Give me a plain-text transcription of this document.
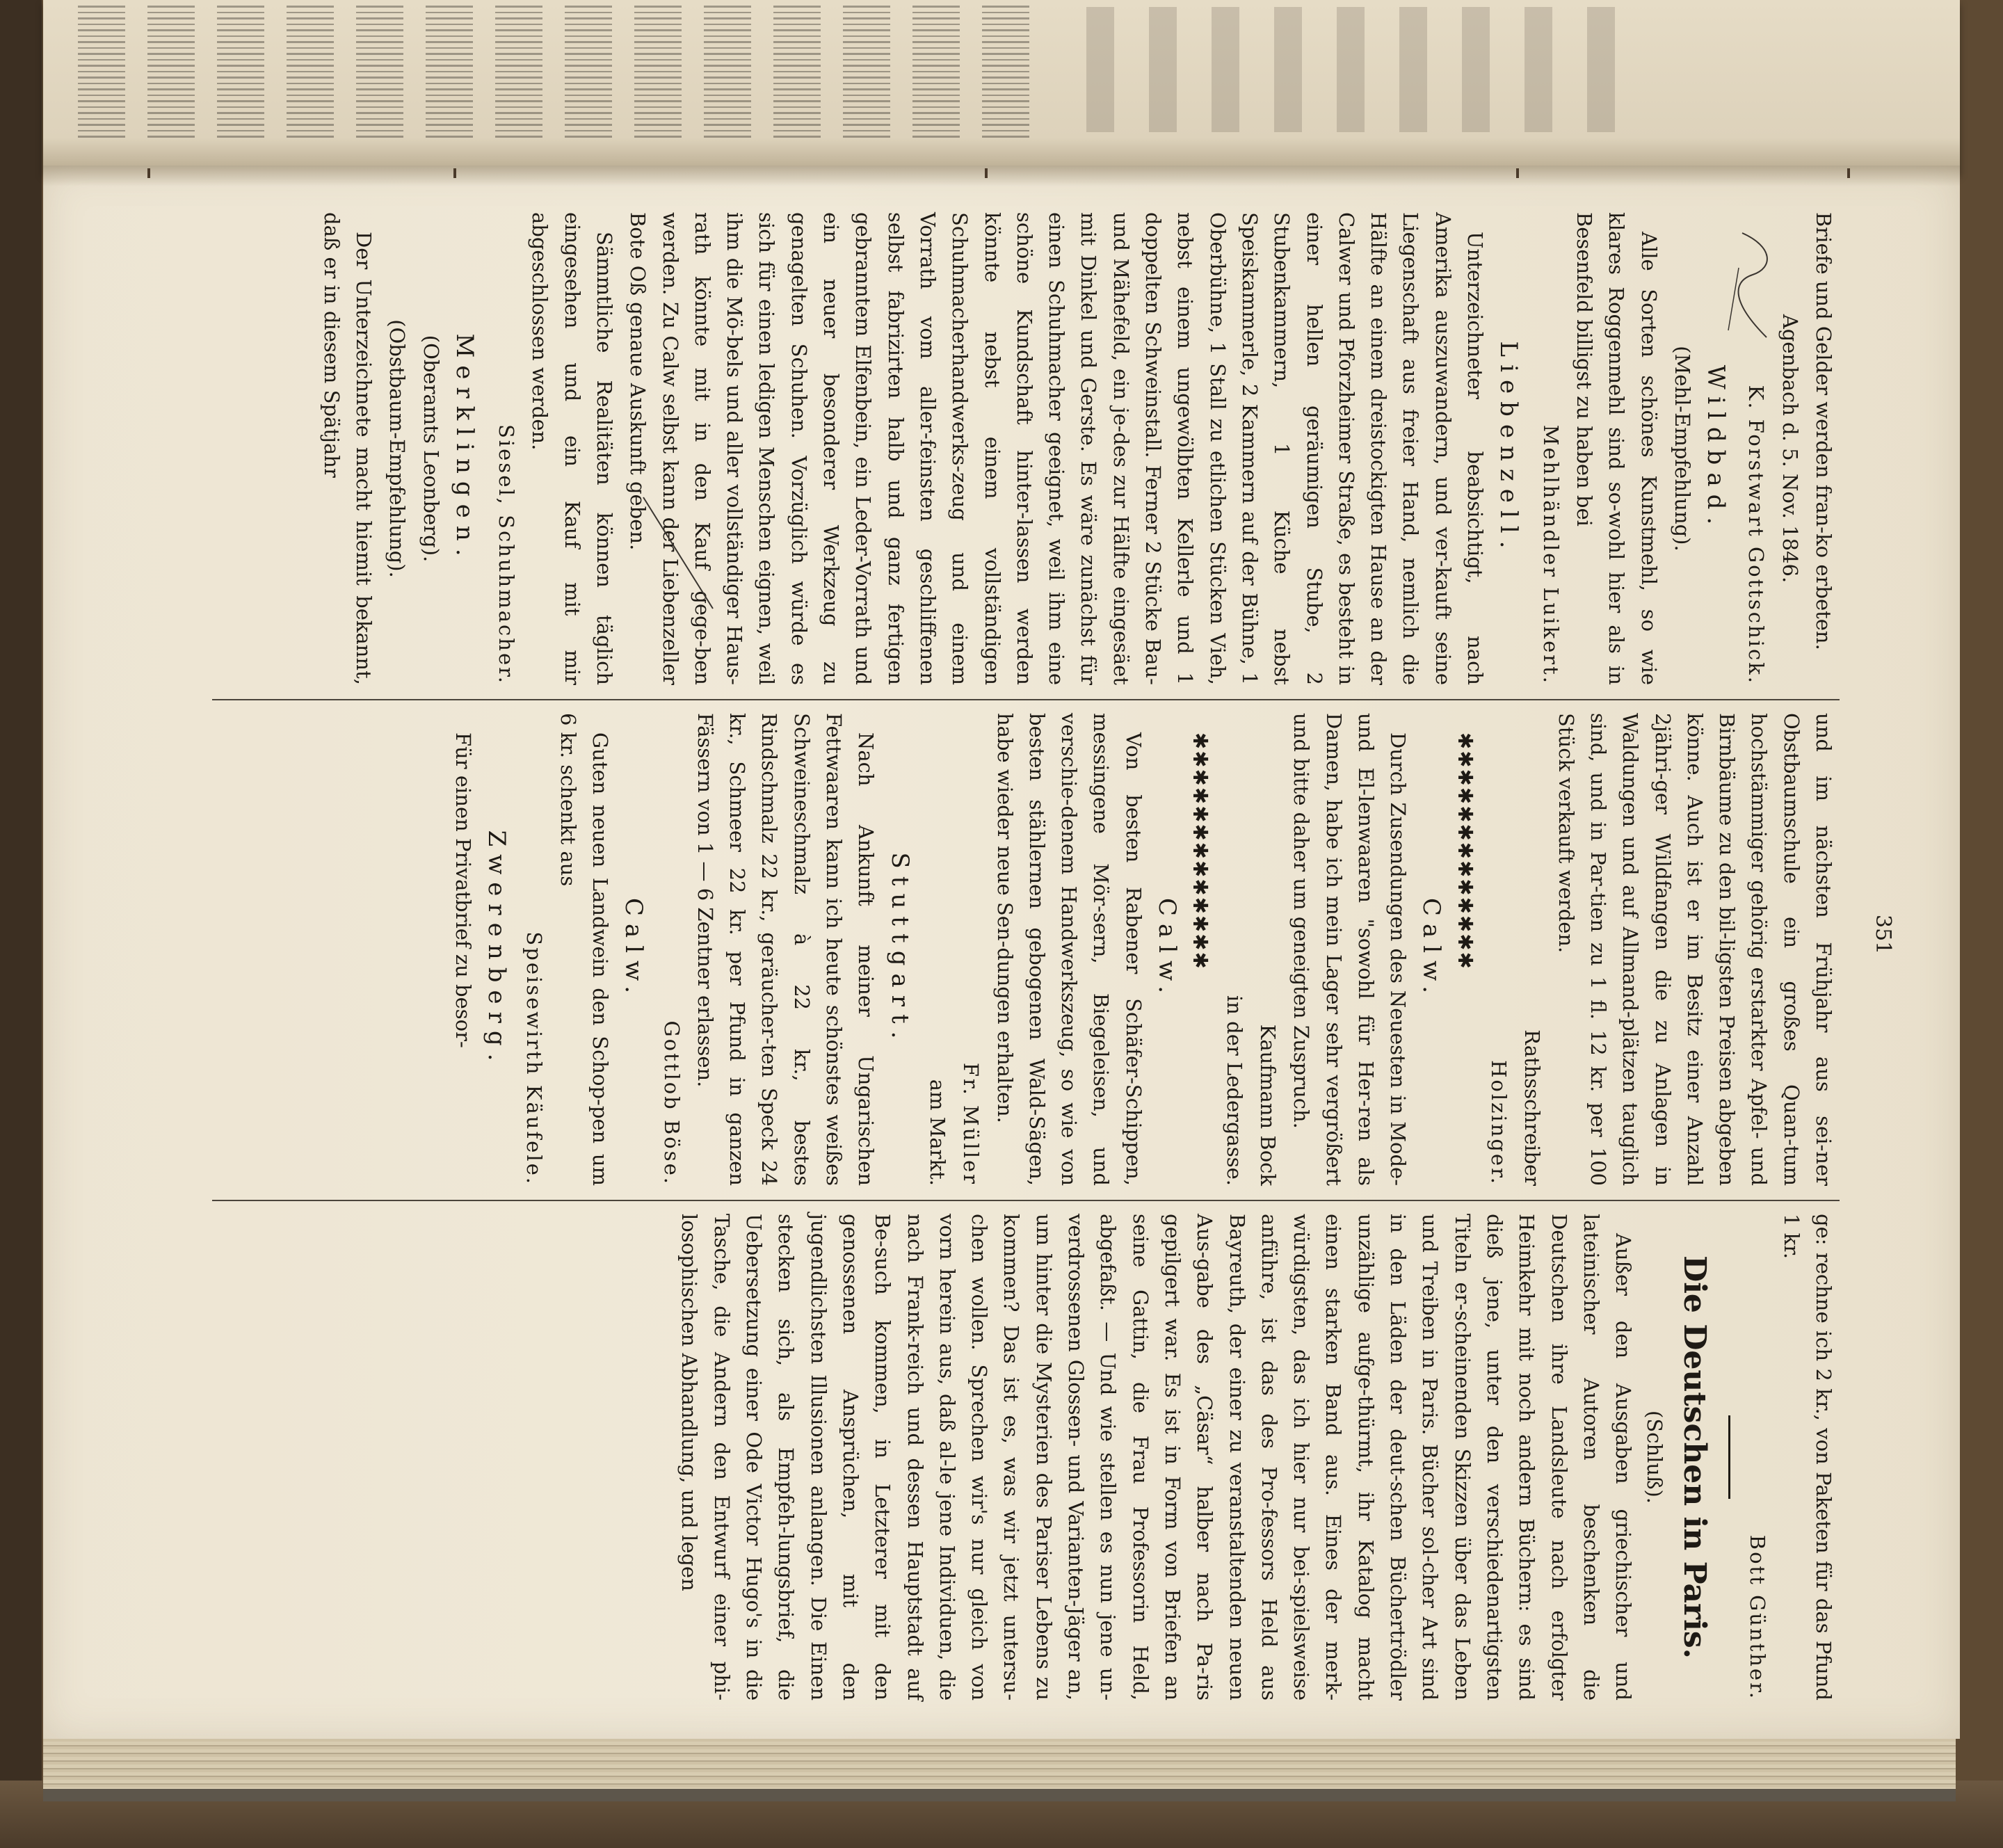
351

Briefe und Gelder werden fran-ko erbeten.

Agenbach d. 5. Nov. 1846.

K. Forstwart Gottschick.

Wildbad.

(Mehl-Empfehlung).

Alle Sorten schönes Kunstmehl, so wie klares Roggenmehl sind so-wohl hier als in Besenfeld billigst zu haben bei

Mehlhändler Luikert.

Liebenzell.

Unterzeichneter beabsichtigt, nach Amerika auszuwandern, und ver-kauft seine Liegenschaft aus freier Hand, nemlich die Hälfte an einem dreistockigten Hause an der Calwer und Pforzheimer Straße, es besteht in einer hellen geräumigen Stube, 2 Stubenkammern, 1 Küche nebst Speiskammerle, 2 Kammern auf der Bühne, 1 Oberbühne, 1 Stall zu etlichen Stücken Vieh, nebst einem ungewölbten Kellerle und 1 doppelten Schweinstall. Ferner 2 Stücke Bau- und Mähefeld, ein je-des zur Hälfte eingesäet mit Dinkel und Gerste. Es wäre zunächst für einen Schuhmacher geeignet, weil ihm eine schöne Kundschaft hinter-lassen werden könnte nebst einem vollständigen Schuhmacherhandwerks-zeug und einem Vorrath vom aller-feinsten geschliffenen selbst fabrizirten halb und ganz fertigen gebranntem Elfenbein, ein Leder-Vorrath und ein neuer besonderer Werkzeug zu genagelten Schuhen. Vorzüglich würde es sich für einen ledigen Menschen eignen, weil ihm die Mö-bels und aller vollständiger Haus-rath könnte mit in den Kauf gege-ben werden. Zu Calw selbst kann der Liebenzeller Bote Oß genaue Auskunft geben.

Sämmtliche Realitäten können täglich eingesehen und ein Kauf mit mir abgeschlossen werden.

Siesel, Schuhmacher.

Merklingen.

(Oberamts Leonberg).

(Obstbaum-Empfehlung).

Der Unterzeichnete macht hiemit bekannt, daß er in diesem Spätjahr

und im nächsten Frühjahr aus sei-ner Obstbaumschule ein großes Quan-tum hochstämmiger gehörig erstarkter Apfel- und Birnbäume zu den bil-ligsten Preisen abgeben könne. Auch ist er im Besitz einer Anzahl 2jähri-ger Wildfangen die zu Anlagen in Waldungen und auf Allmand-plätzen tauglich sind, und in Par-tien zu 1 fl. 12 kr. per 100 Stück verkauft werden.

Rathsschreiber

Holzinger.

✱✱✱✱✱✱✱✱✱✱✱✱✱

Calw.

Durch Zusendungen des Neuesten in Mode- und El-lenwaaren "sowohl für Her-ren als Damen, habe ich mein Lager sehr vergrößert und bitte daher um geneigten Zuspruch.

Kaufmann Bock

in der Ledergasse.

✱✱✱✱✱✱✱✱✱✱✱✱✱

Calw.

Von besten Rabener Schäfer-Schippen, messingene Mör-sern, Biegeleisen, und verschie-denem Handwerkszeug, so wie von besten stählernen gebogenen Wald-Sägen, habe wieder neue Sen-dungen erhalten.

Fr. Müller

am Markt.

Stuttgart.

Nach Ankunft meiner Ungarischen Fettwaaren kann ich heute schönstes weißes Schweineschmalz à 22 kr., bestes Rindschmalz 22 kr., geräucher-ten Speck 24 kr., Schmeer 22 kr. per Pfund in ganzen Fässern von 1 — 6 Zentner erlassen.

Gottlob Böse.

Calw.

Guten neuen Landwein den Schop-pen um 6 kr. schenkt aus

Speisewirth Käufele.

Zwerenberg.

Für einen Privatbrief zu besor-

ge: rechne ich 2 kr., von Paketen für das Pfund 1 kr.

Bott Günther.

Die Deutschen in Paris.
(Schluß).

Außer den Ausgaben griechischer und lateinischer Autoren beschenken die Deutschen ihre Landsleute nach erfolgter Heimkehr mit noch andern Büchern: es sind dieß jene, unter den verschiedenartigsten Titeln er-scheinenden Skizzen über das Leben und Treiben in Paris. Bücher sol-cher Art sind in den Läden der deut-schen Büchertrödler unzählige aufge-thürmt, ihr Katalog macht einen starken Band aus. Eines der merk-würdigsten, das ich hier nur bei-spielsweise anführe, ist das des Pro-fessors Held aus Bayreuth, der einer zu veranstaltenden neuen Aus-gabe des „Cäsar“ halber nach Pa-ris gepilgert war. Es ist in Form von Briefen an seine Gattin, die Frau Professorin Held, abgefaßt. — Und wie stellen es nun jene un-verdrossenen Glossen- und Varianten-Jäger an, um hinter die Mysterien des Pariser Lebens zu kommen? Das ist es, was wir jetzt untersu-chen wollen. Sprechen wir's nur gleich von vorn herein aus, daß al-le jene Individuen, die nach Frank-reich und dessen Hauptstadt auf Be-such kommen, in Letzterer mit den genossenen Ansprüchen, mit den jugendlichsten Illusionen anlangen. Die Einen stecken sich, als Empfeh-lungsbrief, die Uebersetzung einer Ode Victor Hugo's in die Tasche, die Andern den Entwurf einer phi-losophischen Abhandlung, und legen
